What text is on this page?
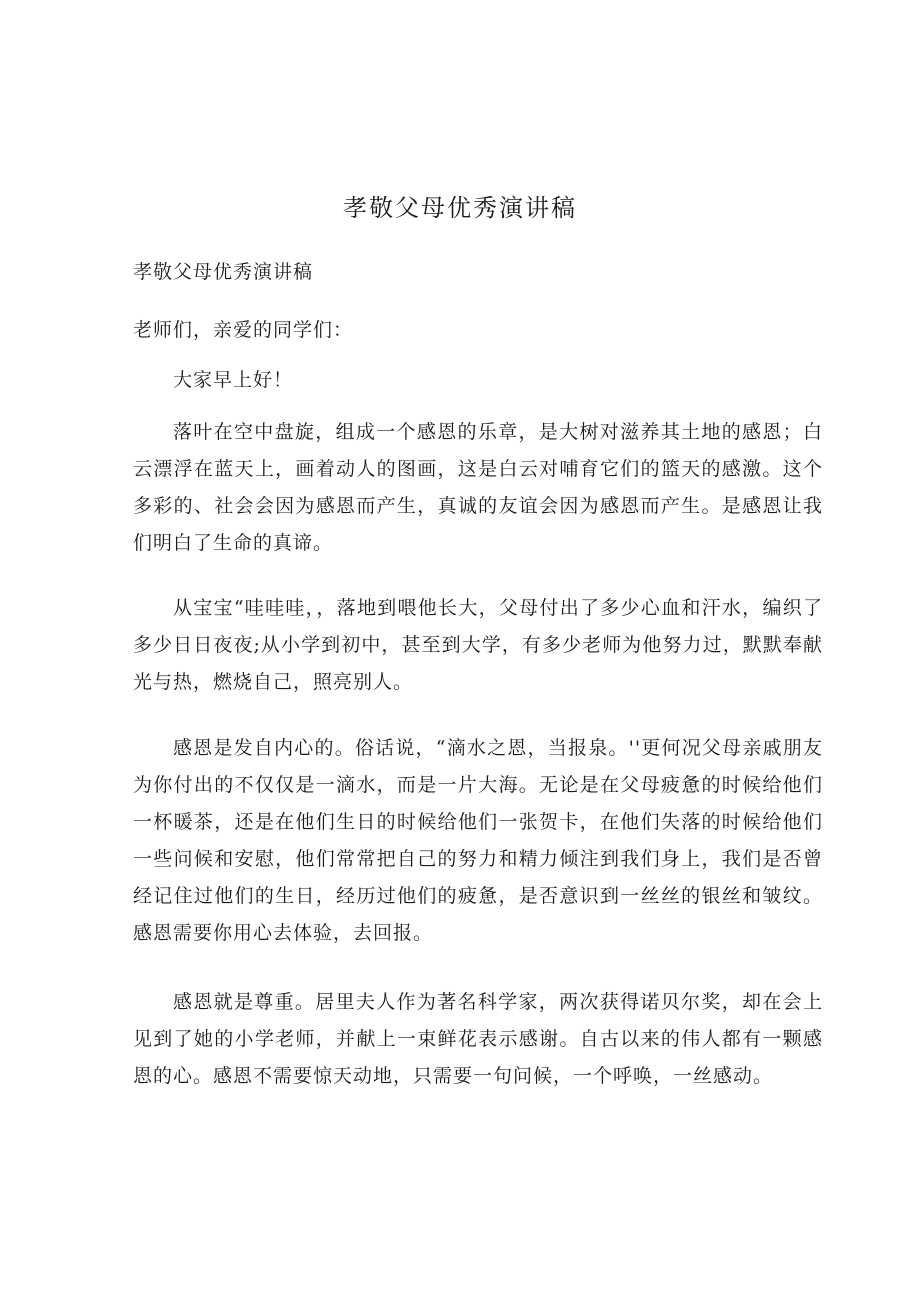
孝敬父母优秀演讲稿

孝敬父母优秀演讲稿

老师们，亲爱的同学们：

大家早上好！

落叶在空中盘旋，组成一个感恩的乐章，是大树对滋养其土地的感恩；白云漂浮在蓝天上，画着动人的图画，这是白云对哺育它们的篮天的感激。这个多彩的、社会会因为感恩而产生，真诚的友谊会因为感恩而产生。是感恩让我们明白了生命的真谛。

从宝宝“哇哇哇，，落地到喂他长大，父母付出了多少心血和汗水，编织了多少日日夜夜;从小学到初中，甚至到大学，有多少老师为他努力过，默默奉献光与热，燃烧自己，照亮别人。

感恩是发自内心的。俗话说，“滴水之恩，当报泉。''更何况父母亲戚朋友为你付出的不仅仅是一滴水，而是一片大海。无论是在父母疲惫的时候给他们一杯暖茶，还是在他们生日的时候给他们一张贺卡，在他们失落的时候给他们一些问候和安慰，他们常常把自己的努力和精力倾注到我们身上，我们是否曾经记住过他们的生日，经历过他们的疲惫，是否意识到一丝丝的银丝和皱纹。感恩需要你用心去体验，去回报。

感恩就是尊重。居里夫人作为著名科学家，两次获得诺贝尔奖，却在会上见到了她的小学老师，并献上一束鲜花表示感谢。自古以来的伟人都有一颗感恩的心。感恩不需要惊天动地，只需要一句问候，一个呼唤，一丝感动。
